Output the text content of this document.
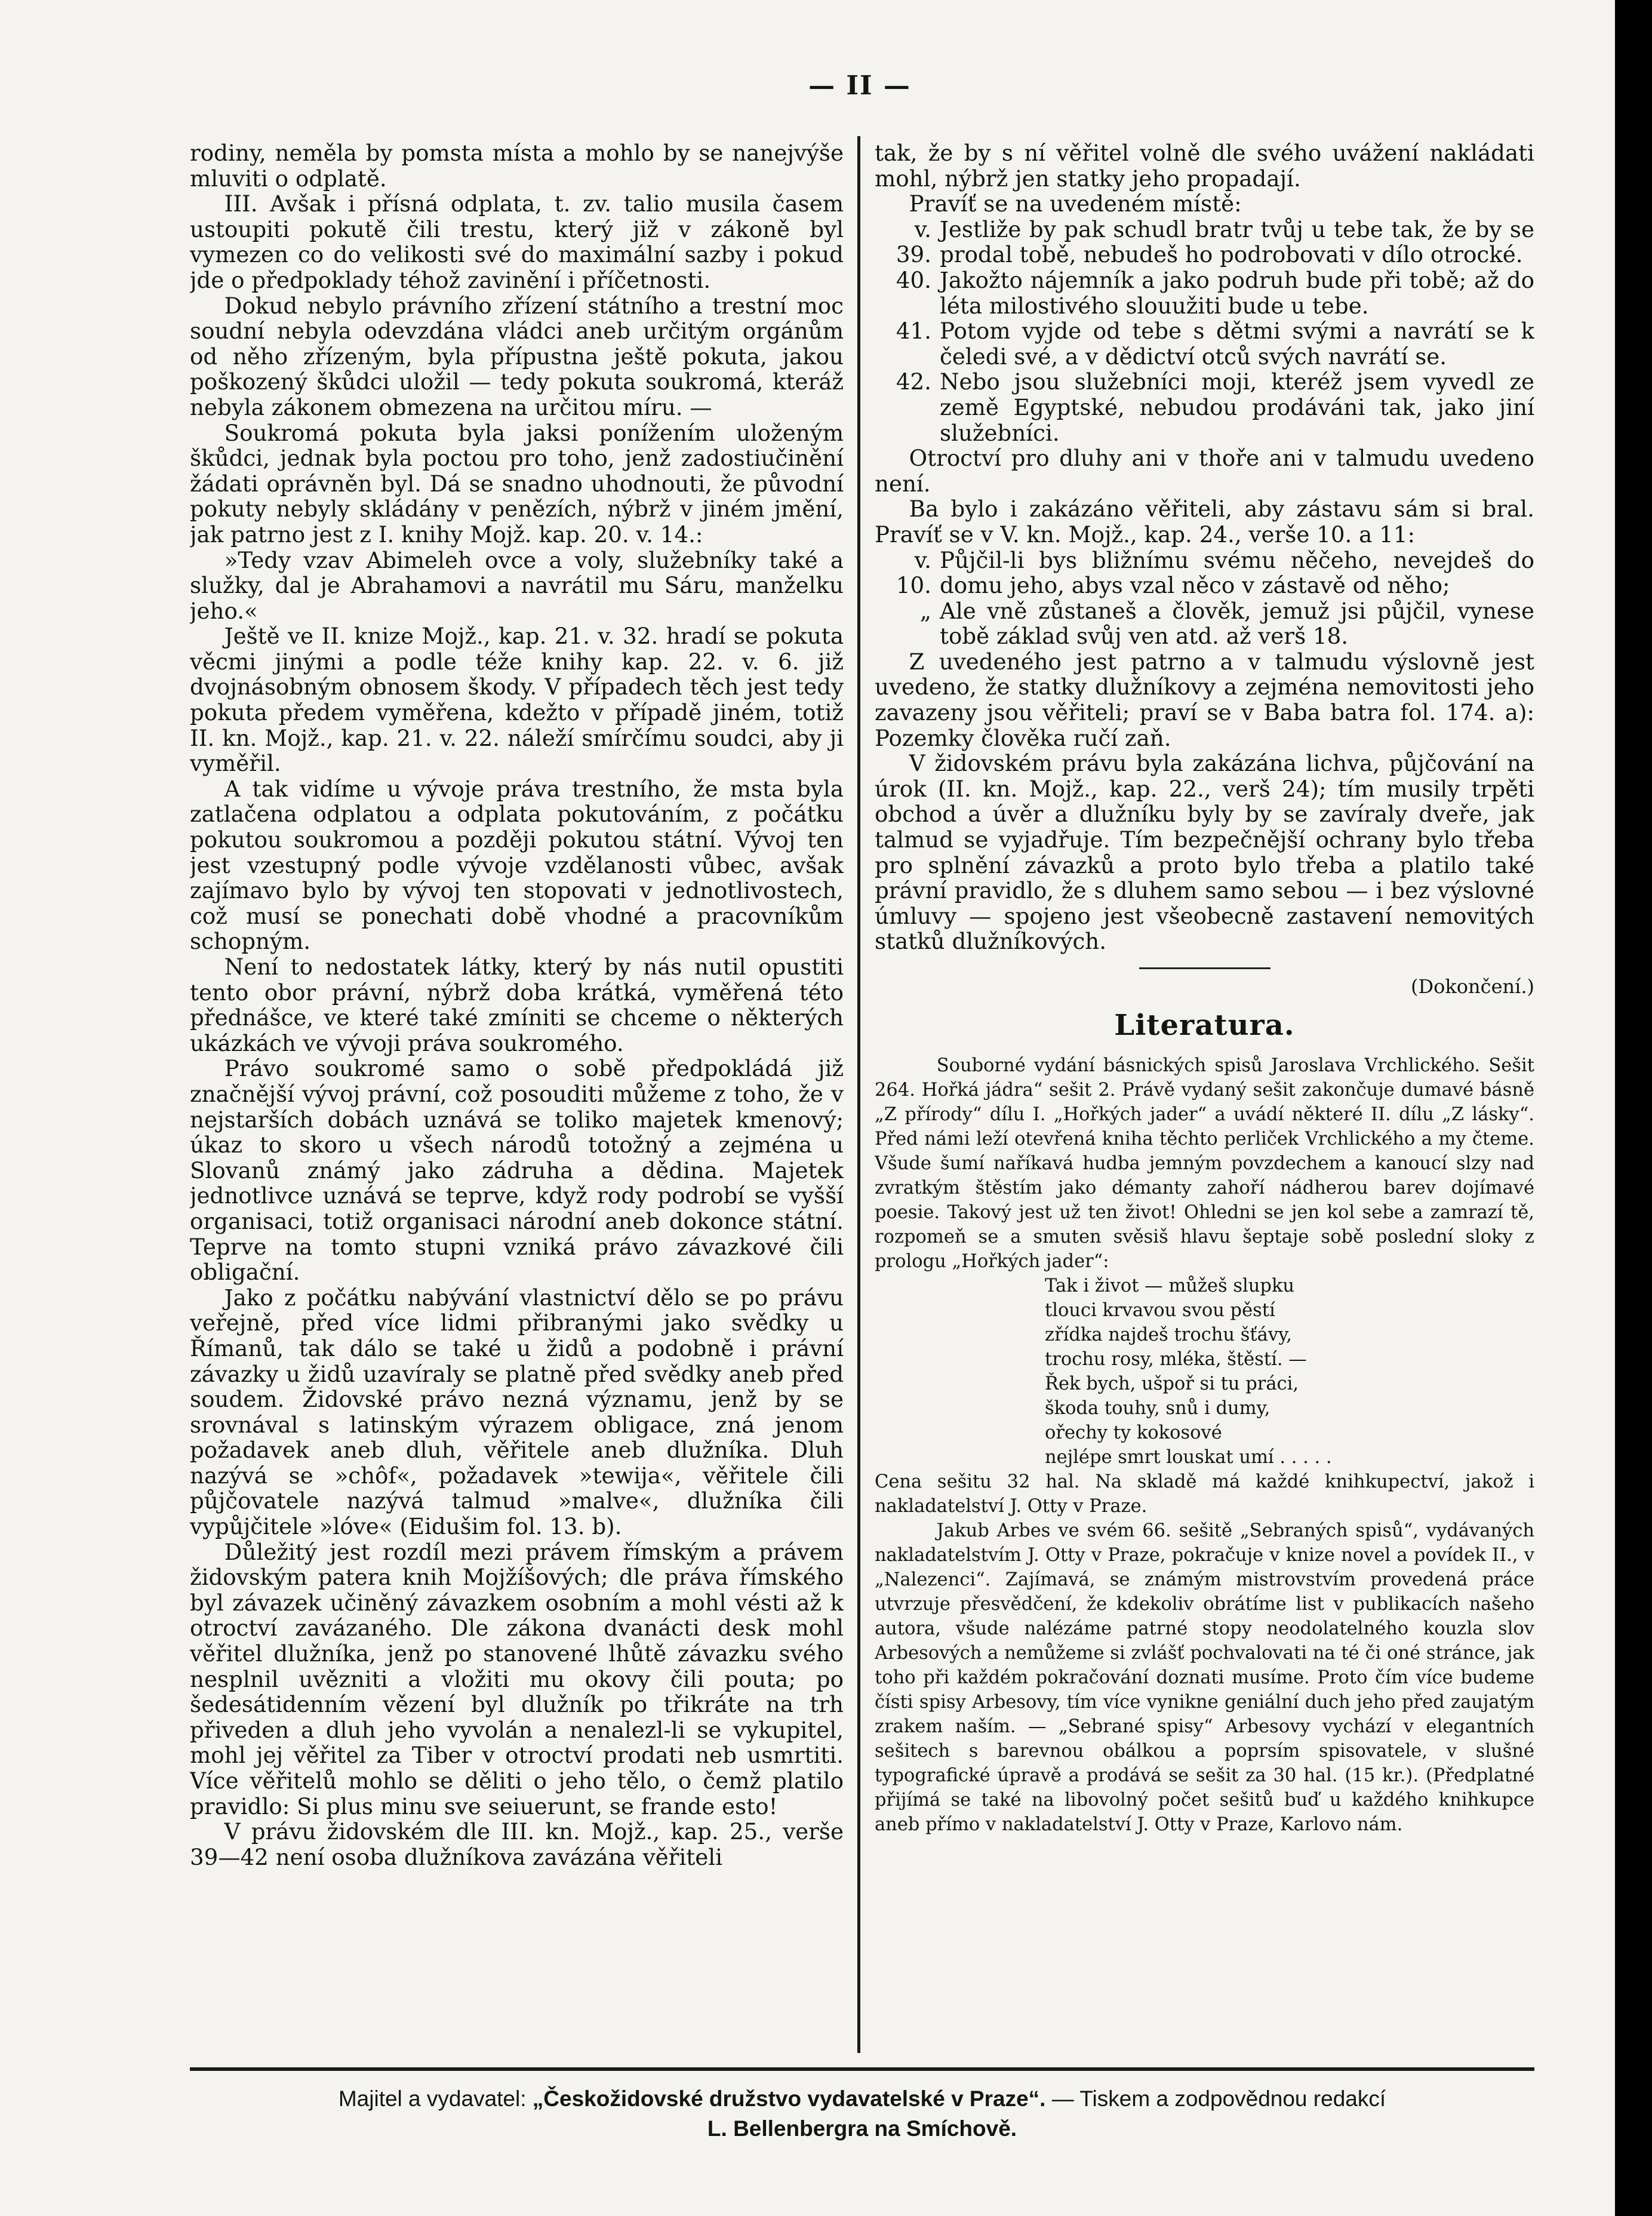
— II —

rodiny, neměla by pomsta místa a mohlo by se nanejvýše mluviti o odplatě.

III. Avšak i přísná odplata, t. zv. talio musila časem ustoupiti pokutě čili trestu, který již v zákoně byl vymezen co do velikosti své do maximální sazby i pokud jde o předpoklady téhož zavinění i příčetnosti.

Dokud nebylo právního zřízení státního a trestní moc soudní nebyla odevzdána vládci aneb určitým orgánům od něho zřízeným, byla přípustna ještě pokuta, jakou poškozený škůdci uložil — tedy pokuta soukromá, kteráž nebyla zákonem obmezena na určitou míru. —

Soukromá pokuta byla jaksi ponížením uloženým škůdci, jednak byla poctou pro toho, jenž zadostiučinění žádati oprávněn byl. Dá se snadno uhodnouti, že původní pokuty nebyly skládány v penězích, nýbrž v jiném jmění, jak patrno jest z I. knihy Mojž. kap. 20. v. 14.:

»Tedy vzav Abimeleh ovce a voly, služebníky také a služky, dal je Abrahamovi a navrátil mu Sáru, manželku jeho.«

Ještě ve II. knize Mojž., kap. 21. v. 32. hradí se pokuta věcmi jinými a podle téže knihy kap. 22. v. 6. již dvojnásobným obnosem škody. V případech těch jest tedy pokuta předem vyměřena, kdežto v případě jiném, totiž II. kn. Mojž., kap. 21. v. 22. náleží smírčímu soudci, aby ji vyměřil.

A tak vidíme u vývoje práva trestního, že msta byla zatlačena odplatou a odplata pokutováním, z počátku pokutou soukromou a později pokutou státní. Vývoj ten jest vzestupný podle vývoje vzdělanosti vůbec, avšak zajímavo bylo by vývoj ten stopovati v jednotlivostech, což musí se ponechati době vhodné a pracovníkům schopným.

Není to nedostatek látky, který by nás nutil opustiti tento obor právní, nýbrž doba krátká, vyměřená této přednášce, ve které také zmíniti se chceme o některých ukázkách ve vývoji práva soukromého.

Právo soukromé samo o sobě předpokládá již značnější vývoj právní, což posouditi můžeme z toho, že v nejstarších dobách uznává se toliko majetek kmenový; úkaz to skoro u všech národů totožný a zejména u Slovanů známý jako zádruha a dědina. Majetek jednotlivce uznává se teprve, když rody podrobí se vyšší organisaci, totiž organisaci národní aneb dokonce státní. Teprve na tomto stupni vzniká právo závazkové čili obligační.

Jako z počátku nabývání vlastnictví dělo se po právu veřejně, před více lidmi přibranými jako svědky u Římanů, tak dálo se také u židů a podobně i právní závazky u židů uzavíraly se platně před svědky aneb před soudem. Židovské právo nezná významu, jenž by se srovnával s latinským výrazem obligace, zná jenom požadavek aneb dluh, věřitele aneb dlužníka. Dluh nazývá se »chôf«, požadavek »tewija«, věřitele čili půjčovatele nazývá talmud »malve«, dlužníka čili vypůjčitele »lóve« (Eidušim fol. 13. b).

Důležitý jest rozdíl mezi právem římským a právem židovským patera knih Mojžíšových; dle práva římského byl závazek učiněný závazkem osobním a mohl vésti až k otroctví zavázaného. Dle zákona dvanácti desk mohl věřitel dlužníka, jenž po stanovené lhůtě závazku svého nesplnil uvězniti a vložiti mu okovy čili pouta; po šedesátidenním vězení byl dlužník po třikráte na trh přiveden a dluh jeho vyvolán a nenalezl-li se vykupitel, mohl jej věřitel za Tiber v otroctví prodati neb usmrtiti. Více věřitelů mohlo se děliti o jeho tělo, o čemž platilo pravidlo: Si plus minu sve seiuerunt, se frande esto!

V právu židovském dle III. kn. Mojž., kap. 25., verše 39—42 není osoba dlužníkova zavázána věřiteli

tak, že by s ní věřitel volně dle svého uvážení nakládati mohl, nýbrž jen statky jeho propadají.

Pravíť se na uvedeném místě:

v. 39.
Jestliže by pak schudl bratr tvůj u tebe tak, že by se prodal tobě, nebudeš ho podrobovati v dílo otrocké.
40. Jakožto nájemník a jako podruh bude při tobě; až do léta milostivého slouužiti bude u tebe.
41. Potom vyjde od tebe s dětmi svými a navrátí se k čeledi své, a v dědictví otců svých navrátí se.
42. Nebo jsou služebníci moji, kteréž jsem vyvedl ze země Egyptské, nebudou prodáváni tak, jako jiní služebníci.

Otroctví pro dluhy ani v thoře ani v talmudu uvedeno není.

Ba bylo i zakázáno věřiteli, aby zástavu sám si bral. Pravíť se v V. kn. Mojž., kap. 24., verše 10. a 11:

v. 10.
Půjčil-li bys bližnímu svému něčeho, nevejdeš do domu jeho, abys vzal něco v zástavě od něho;
„ Ale vně zůstaneš a člověk, jemuž jsi půjčil, vynese tobě základ svůj ven atd. až verš 18.

Z uvedeného jest patrno a v talmudu výslovně jest uvedeno, že statky dlužníkovy a zejména nemovitosti jeho zavazeny jsou věřiteli; praví se v Baba batra fol. 174. a): Pozemky člověka ručí zaň.

V židovském právu byla zakázána lichva, půjčování na úrok (II. kn. Mojž., kap. 22., verš 24); tím musily trpěti obchod a úvěr a dlužníku byly by se zavíraly dveře, jak talmud se vyjadřuje. Tím bezpečnější ochrany bylo třeba pro splnění závazků a proto bylo třeba a platilo také právní pravidlo, že s dluhem samo sebou — i bez výslovné úmluvy — spojeno jest všeobecně zastavení nemovitých statků dlužníkových.

(Dokončení.)

Literatura.

Souborné vydání básnických spisů Jaroslava Vrchlického. Sešit 264. Hořká jádra“ sešit 2. Právě vydaný sešit zakončuje dumavé básně „Z přírody“ dílu I. „Hořkých jader“ a uvádí některé II. dílu „Z lásky“. Před námi leží otevřená kniha těchto perliček Vrchlického a my čteme. Všude šumí naříkavá hudba jemným povzdechem a kanoucí slzy nad zvratkým štěstím jako démanty zahoří nádherou barev dojímavé poesie. Takový jest už ten život! Ohledni se jen kol sebe a zamrazí tě, rozpomeň se a smuten svěsiš hlavu šeptaje sobě poslední sloky z prologu „Hořkých jader“:

Tak i život — můžeš slupku
tlouci krvavou svou pěstí
zřídka najdeš trochu šťávy,
trochu rosy, mléka, štěstí. —
Řek bych, ušpoř si tu práci,
škoda touhy, snů i dumy,
ořechy ty kokosové
nejlépe smrt louskat umí . . . . .

Cena sešitu 32 hal. Na skladě má každé knihkupectví, jakož i nakladatelství J. Otty v Praze.

Jakub Arbes ve svém 66. sešitě „Sebraných spisů“, vydávaných nakladatelstvím J. Otty v Praze, pokračuje v knize novel a povídek II., v „Nalezenci“. Zajímavá, se známým mistrovstvím provedená práce utvrzuje přesvědčení, že kdekoliv obrátíme list v publikacích našeho autora, všude nalézáme patrné stopy neodolatelného kouzla slov Arbesových a nemůžeme si zvlášť pochvalovati na té či oné stránce, jak toho při každém pokračování doznati musíme. Proto čím více budeme čísti spisy Arbesovy, tím více vynikne geniální duch jeho před zaujatým zrakem naším. — „Sebrané spisy“ Arbesovy vychází v elegantních sešitech s barevnou obálkou a poprsím spisovatele, v slušné typografické úpravě a prodává se sešit za 30 hal. (15 kr.). (Předplatné přijímá se také na libovolný počet sešitů buď u každého knihkupce aneb přímo v nakladatelství J. Otty v Praze, Karlovo nám.

Majitel a vydavatel: „Českožidovské družstvo vydavatelské v Praze“. — Tiskem a zodpovědnou redakcí
L. Bellenbergra na Smíchově.
